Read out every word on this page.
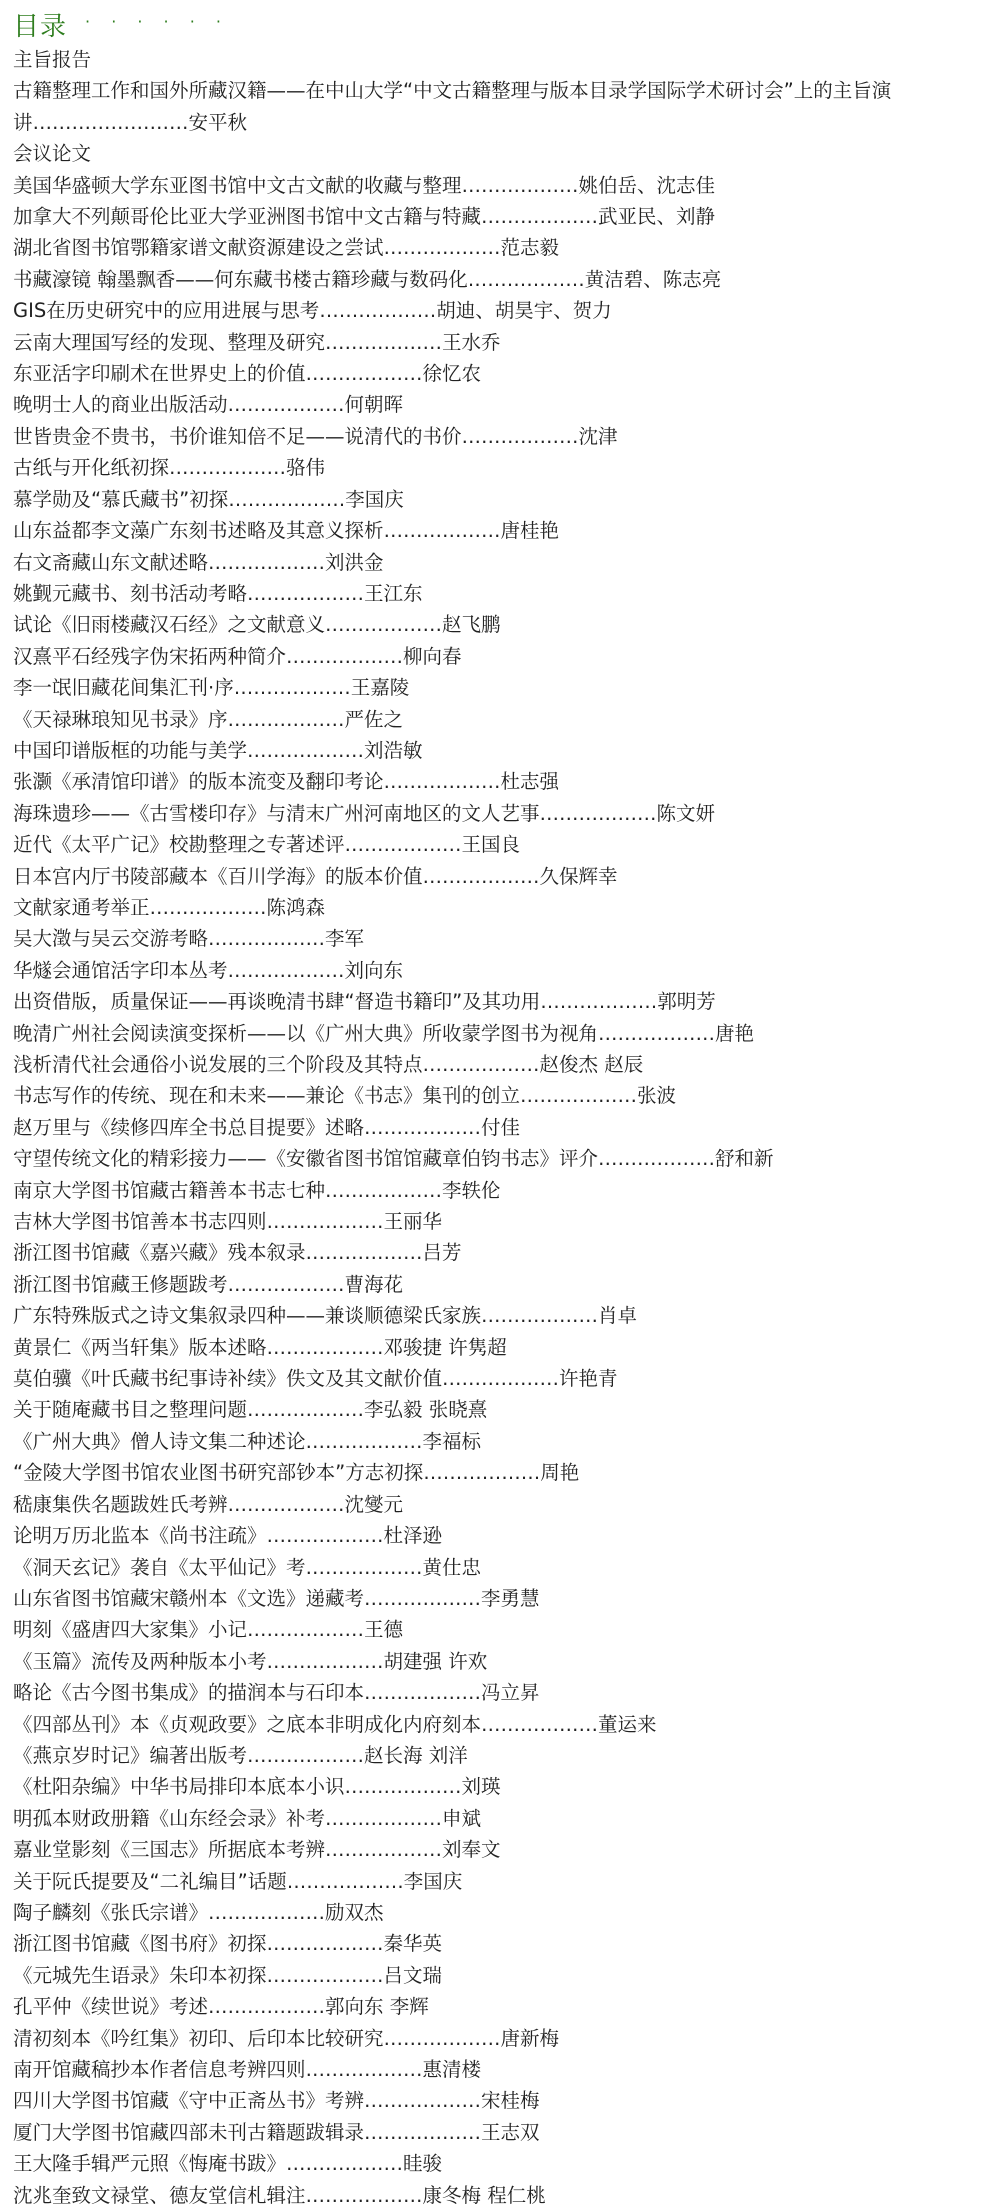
目录 · · · · · ·
主旨报告
古籍整理工作和国外所藏汉籍——在中山大学“中文古籍整理与版本目录学国际学术研讨会”上的主旨演讲……………………安平秋
会议论文
美国华盛顿大学东亚图书馆中文古文献的收藏与整理………………姚伯岳、沈志佳
加拿大不列颠哥伦比亚大学亚洲图书馆中文古籍与特藏………………武亚民、刘静
湖北省图书馆鄂籍家谱文献资源建设之尝试………………范志毅
书藏濠镜 翰墨飘香——何东藏书楼古籍珍藏与数码化………………黄洁碧、陈志亮
GIS在历史研究中的应用进展与思考………………胡迪、胡昊宇、贺力
云南大理国写经的发现、整理及研究………………王水乔
东亚活字印刷术在世界史上的价值………………徐忆农
晚明士人的商业出版活动………………何朝晖
世皆贵金不贵书，书价谁知倍不足——说清代的书价………………沈津
古纸与开化纸初探………………骆伟
慕学勋及“慕氏藏书”初探………………李国庆
山东益都李文藻广东刻书述略及其意义探析………………唐桂艳
右文斋藏山东文献述略………………刘洪金
姚觐元藏书、刻书活动考略………………王江东
试论《旧雨楼藏汉石经》之文献意义………………赵飞鹏
汉熹平石经残字伪宋拓两种简介………………柳向春
李一氓旧藏花间集汇刊·序………………王嘉陵
《天禄琳琅知见书录》序………………严佐之
中国印谱版框的功能与美学………………刘浩敏
张灏《承清馆印谱》的版本流变及翻印考论………………杜志强
海珠遗珍——《古雪楼印存》与清末广州河南地区的文人艺事………………陈文妍
近代《太平广记》校勘整理之专著述评………………王国良
日本宫内厅书陵部藏本《百川学海》的版本价值………………久保辉幸
文献家通考举正………………陈鸿森
吴大澂与吴云交游考略………………李军
华燧会通馆活字印本丛考………………刘向东
出资借版，质量保证——再谈晚清书肆“督造书籍印”及其功用………………郭明芳
晚清广州社会阅读演变探析——以《广州大典》所收蒙学图书为视角………………唐艳
浅析清代社会通俗小说发展的三个阶段及其特点………………赵俊杰 赵辰
书志写作的传统、现在和未来——兼论《书志》集刊的创立………………张波
赵万里与《续修四库全书总目提要》述略………………付佳
守望传统文化的精彩接力——《安徽省图书馆馆藏章伯钧书志》评介………………舒和新
南京大学图书馆藏古籍善本书志七种………………李轶伦
吉林大学图书馆善本书志四则………………王丽华
浙江图书馆藏《嘉兴藏》残本叙录………………吕芳
浙江图书馆藏王修题跋考………………曹海花
广东特殊版式之诗文集叙录四种——兼谈顺德梁氏家族………………肖卓
黄景仁《两当轩集》版本述略………………邓骏捷 许隽超
莫伯骥《叶氏藏书纪事诗补续》佚文及其文献价值………………许艳青
关于随庵藏书目之整理问题………………李弘毅 张晓熹
《广州大典》僧人诗文集二种述论………………李福标
“金陵大学图书馆农业图书研究部钞本”方志初探………………周艳
嵇康集佚名题跋姓氏考辨………………沈燮元
论明万历北监本《尚书注疏》………………杜泽逊
《洞天玄记》袭自《太平仙记》考………………黄仕忠
山东省图书馆藏宋赣州本《文选》递藏考………………李勇慧
明刻《盛唐四大家集》小记………………王德
《玉篇》流传及两种版本小考………………胡建强 许欢
略论《古今图书集成》的描润本与石印本………………冯立昇
《四部丛刊》本《贞观政要》之底本非明成化内府刻本………………董运来
《燕京岁时记》编著出版考………………赵长海 刘洋
《杜阳杂编》中华书局排印本底本小识………………刘瑛
明孤本财政册籍《山东经会录》补考………………申斌
嘉业堂影刻《三国志》所据底本考辨………………刘奉文
关于阮氏提要及“二礼编目”话题………………李国庆
陶子麟刻《张氏宗谱》………………励双杰
浙江图书馆藏《图书府》初探………………秦华英
《元城先生语录》朱印本初探………………吕文瑞
孔平仲《续世说》考述………………郭向东 李辉
清初刻本《吟红集》初印、后印本比较研究………………唐新梅
南开馆藏稿抄本作者信息考辨四则………………惠清楼
四川大学图书馆藏《守中正斋丛书》考辨………………宋桂梅
厦门大学图书馆藏四部未刊古籍题跋辑录………………王志双
王大隆手辑严元照《悔庵书跋》………………眭骏
沈兆奎致文禄堂、德友堂信札辑注………………康冬梅 程仁桃
